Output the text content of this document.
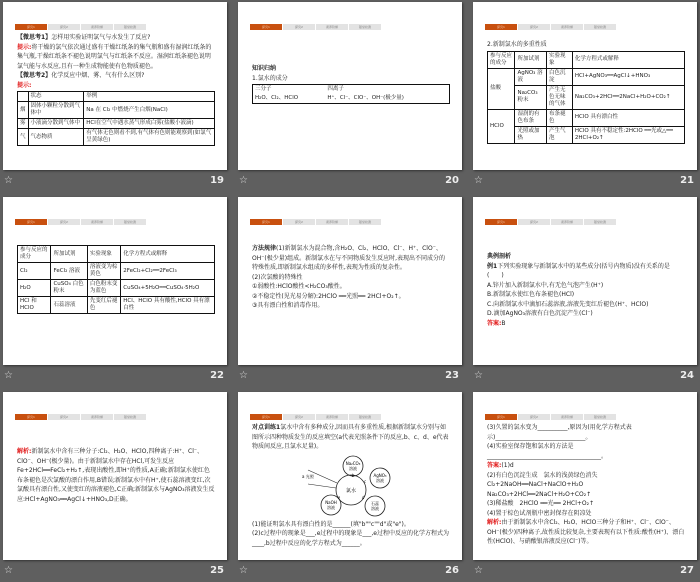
探究1	探究2	素养阶梯	随堂检测

【微思考1】怎样用实验证明氯气与水发生了反应?

提示:将干燥的氯气依次通过盛有干燥红纸条的集气瓶和盛有湿润红纸条的集气瓶,干燥红纸条不褪色说明氯气与红纸条不反应。湿润红纸条褪色说明氯气能与水反应,且有一种生成物能使有色物质褪色。

【微思考2】化学反应中烟、雾、气有什么区别?

提示:

	状态	举例
烟	固体小颗粒分散到气体中	Na 在 Cl₂ 中燃烧产生白烟(NaCl)
雾	小液滴分散到气体中	HCl在空气中遇水蒸气形成白雾(盐酸小液滴)
气	气态物质	有气体无色则看不到,有气体有色则能观察到(如氯气呈黄绿色)
☆	19
探究1	探究2	素养阶梯	随堂检测

知识归纳

1.氯水的成分

三分子	四离子
H₂O、Cl₂、HClO	H⁺、Cl⁻、ClO⁻、OH⁻(极少量)
☆	20
探究1	探究2	素养阶梯	随堂检测

2.新制氯水的多重性质

参与反应的成分	所加试剂	实验现象	化学方程式或解释
盐酸	AgNO₃ 溶液	白色沉淀	HCl+AgNO₃══AgCl↓+HNO₃
	Na₂CO₃ 粉末	产生无色无味的气体	Na₂CO₃+2HCl══2NaCl+H₂O+CO₂↑
HClO	湿润的有色布条	布条褪色	HClO 具有漂白性
	光照或加热	产生气泡	HClO 具有不稳定性:2HClO ══光或△══ 2HCl+O₂↑
☆	21
探究1	探究2	素养阶梯	随堂检测
参与反应的成分	所加试剂	实验现象	化学方程式或解释
Cl₂	FeCl₂ 溶液	溶液变为棕黄色	2FeCl₂+Cl₂══2FeCl₃
H₂O	CuSO₄ 白色粉末	白色粉末变为蓝色	CuSO₄+5H₂O══CuSO₄·5H₂O
HCl 和 HClO	石蕊溶液	先变红后褪色	HCl、HClO 具有酸性,HClO 具有漂白性
☆	22
探究1	探究2	素养阶梯	随堂检测

方法规律(1)新制氯水为混合物,含H₂O、Cl₂、HClO、Cl⁻、H⁺、ClO⁻、OH⁻(极少量)组成。新制氯水在与不同物质发生反应时,表现出不同成分的特殊性质,即新制氯水组成的多样性,表现为性质的复杂性。

(2)次氯酸的特殊性

①弱酸性:HClO酸性<H₂CO₃酸性。

②不稳定性(见光易分解):2HClO ══光照══ 2HCl+O₂↑。

③具有漂白性和消毒作用。

☆	23
探究1	探究2	素养阶梯	随堂检测

典例剖析

例1下列实验现象与新制氯水中的某些成分(括号内物质)没有关系的是(　　)

A.锌片加入新制氯水中,有无色气泡产生(H⁺)

B.新制氯水使红色布条褪色(HCl)

C.向新制氯水中滴加石蕊溶液,溶液先变红后褪色(H⁺、HClO)

D.滴加AgNO₃溶液有白色沉淀产生(Cl⁻)

答案:B

☆	24
探究1	探究2	素养阶梯	随堂检测

解析:新制氯水中含有三种分子:Cl₂、H₂O、HClO,四种离子:H⁺、Cl⁻、ClO⁻、OH⁻(极少量)。由于新制氯水中存在HCl,可发生反应Fe+2HCl══FeCl₂+H₂↑,表现出酸性,即H⁺的性质,A正确;新制氯水使红色布条褪色是次氯酸的漂白作用,B错误;新制氯水中有H⁺,使石蕊溶液变红,次氯酸具有漂白性,又使变红的溶液褪色,C正确;新制氯水与AgNO₃溶液发生反应:HCl+AgNO₃══AgCl↓+HNO₃,D正确。

☆	25
探究1	探究2	素养阶梯	随堂检测

对点训练1氯水中含有多种成分,因而具有多重性质,根据新制氯水分别与如图所示四种物质发生的反应填空(a代表光照条件下的反应,b、c、d、e代表物质间反应,且氯水足量)。

氯水
Na₂CO₃
溶液
b	AgNO₃
溶液
c
石蕊
溶液
d
NaOH
溶液
e
a 光照

(1)能证明氯水具有漂白性的是______(填"b""c""d"或"e")。

(2)c过程中的现象是___,e过程中的现象是___,e过程中反应的化学方程式为____,b过程中反应的化学方程式为______。

☆	26
探究1	探究2	素养阶梯	随堂检测

(3)久置的氯水变为__________,原因为(用化学方程式表示)______________________________。

(4)实验室保存饱和氯水的方法是______________________________________。

答案:(1)d

(2)有白色沉淀生成　氯水的浅黄绿色消失

Cl₂+2NaOH══NaCl+NaClO+H₂O

Na₂CO₃+2HCl══2NaCl+H₂O+CO₂↑

(3)稀盐酸　2HClO ══光══ 2HCl+O₂↑

(4)置于棕色试剂瓶中密封保存在阴凉处

解析:由于新制氯水中含Cl₂、H₂O、HClO三种分子和H⁺、Cl⁻、ClO⁻、OH⁻(极少)四种离子,故性质比较复杂,主要表现有以下性质:酸性(H⁺)、漂白性(HClO)、与硝酸银溶液反应(Cl⁻)等。

☆	27
